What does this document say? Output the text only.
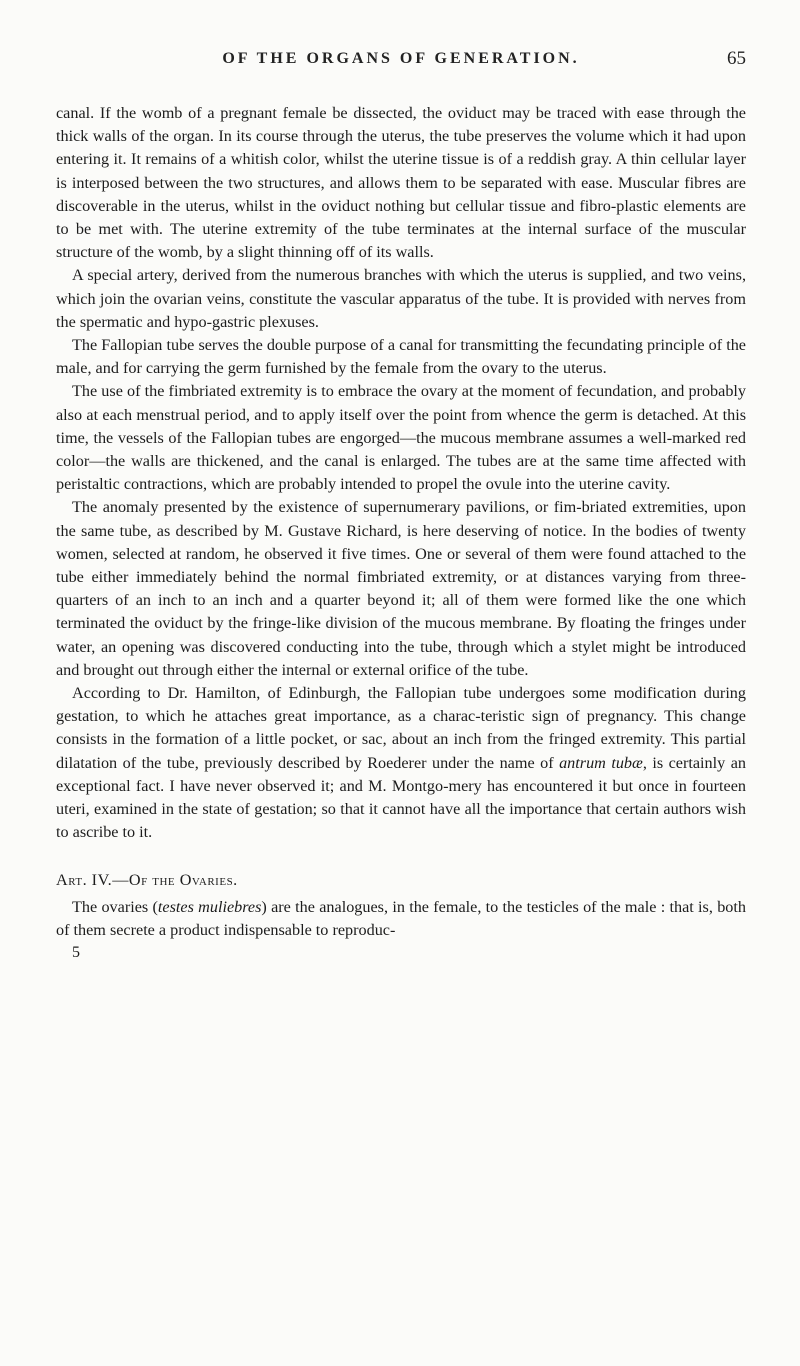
OF THE ORGANS OF GENERATION.	65

canal. If the womb of a pregnant female be dissected, the oviduct may be traced with ease through the thick walls of the organ. In its course through the uterus, the tube preserves the volume which it had upon entering it. It remains of a whitish color, whilst the uterine tissue is of a reddish gray. A thin cellular layer is interposed between the two structures, and allows them to be separated with ease. Muscular fibres are discoverable in the uterus, whilst in the oviduct nothing but cellular tissue and fibro-plastic elements are to be met with. The uterine extremity of the tube terminates at the internal surface of the muscular structure of the womb, by a slight thinning off of its walls.

A special artery, derived from the numerous branches with which the uterus is supplied, and two veins, which join the ovarian veins, constitute the vascular apparatus of the tube. It is provided with nerves from the spermatic and hypo-gastric plexuses.

The Fallopian tube serves the double purpose of a canal for transmitting the fecundating principle of the male, and for carrying the germ furnished by the female from the ovary to the uterus.

The use of the fimbriated extremity is to embrace the ovary at the moment of fecundation, and probably also at each menstrual period, and to apply itself over the point from whence the germ is detached. At this time, the vessels of the Fallopian tubes are engorged—the mucous membrane assumes a well-marked red color—the walls are thickened, and the canal is enlarged. The tubes are at the same time affected with peristaltic contractions, which are probably intended to propel the ovule into the uterine cavity.

The anomaly presented by the existence of supernumerary pavilions, or fim-briated extremities, upon the same tube, as described by M. Gustave Richard, is here deserving of notice. In the bodies of twenty women, selected at random, he observed it five times. One or several of them were found attached to the tube either immediately behind the normal fimbriated extremity, or at distances varying from three-quarters of an inch to an inch and a quarter beyond it; all of them were formed like the one which terminated the oviduct by the fringe-like division of the mucous membrane. By floating the fringes under water, an opening was discovered conducting into the tube, through which a stylet might be introduced and brought out through either the internal or external orifice of the tube.

According to Dr. Hamilton, of Edinburgh, the Fallopian tube undergoes some modification during gestation, to which he attaches great importance, as a charac-teristic sign of pregnancy. This change consists in the formation of a little pocket, or sac, about an inch from the fringed extremity. This partial dilatation of the tube, previously described by Roederer under the name of antrum tubæ, is certainly an exceptional fact. I have never observed it; and M. Montgo-mery has encountered it but once in fourteen uteri, examined in the state of gestation; so that it cannot have all the importance that certain authors wish to ascribe to it.

Art. IV.—Of the Ovaries.

The ovaries (testes muliebres) are the analogues, in the female, to the testicles of the male : that is, both of them secrete a product indispensable to reproduc-

5
